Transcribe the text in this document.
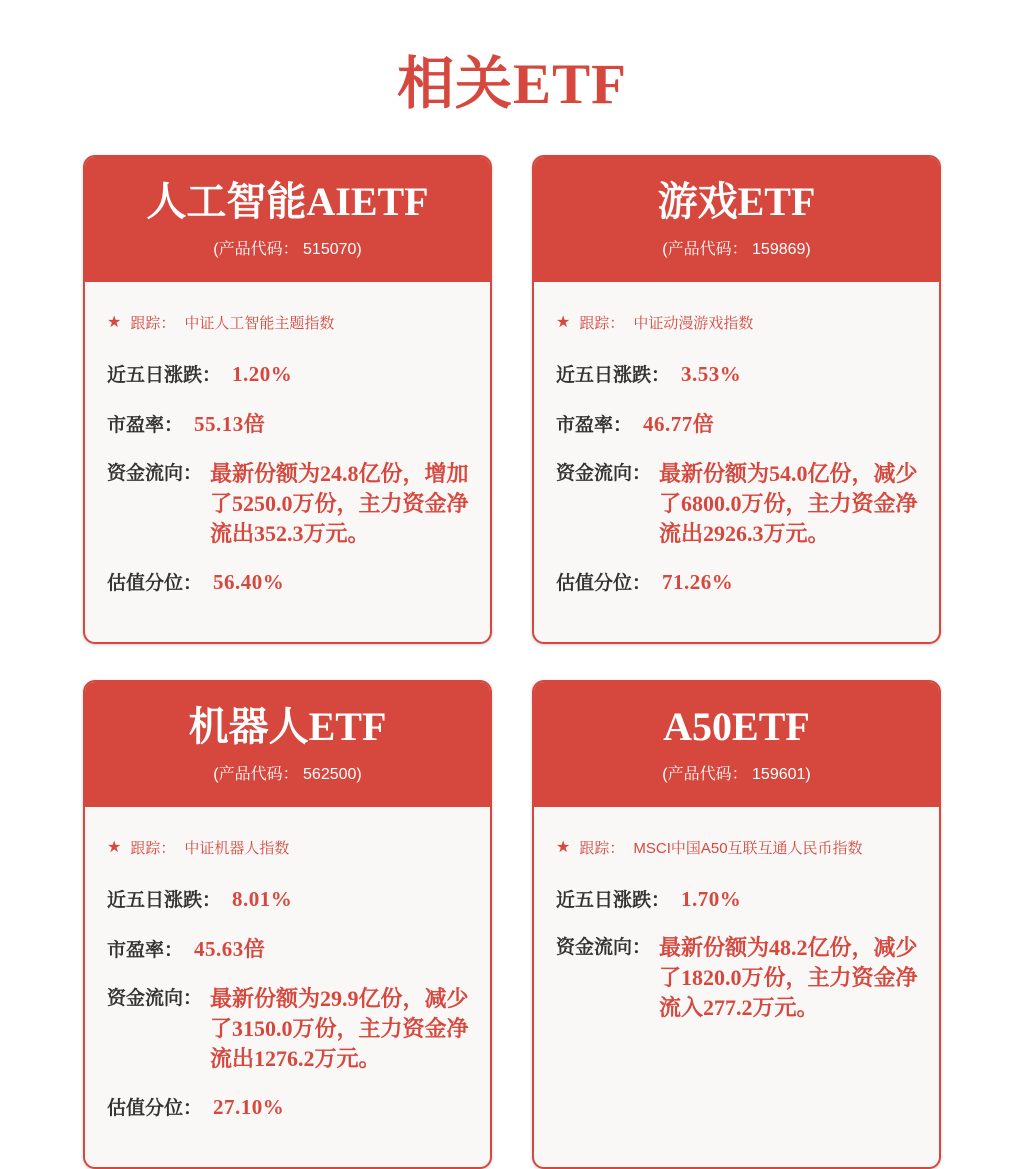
相关ETF
人工智能AIETF
(产品代码： 515070)
★ 跟踪： 中证人工智能主题指数
近五日涨跌： 1.20%
市盈率： 55.13倍
资金流向： 最新份额为24.8亿份，增加了5250.0万份，主力资金净流出352.3万元。
估值分位： 56.40%
游戏ETF
(产品代码： 159869)
★ 跟踪： 中证动漫游戏指数
近五日涨跌： 3.53%
市盈率： 46.77倍
资金流向： 最新份额为54.0亿份，减少了6800.0万份，主力资金净流出2926.3万元。
估值分位： 71.26%
机器人ETF
(产品代码： 562500)
★ 跟踪： 中证机器人指数
近五日涨跌： 8.01%
市盈率： 45.63倍
资金流向： 最新份额为29.9亿份，减少了3150.0万份，主力资金净流出1276.2万元。
估值分位： 27.10%
A50ETF
(产品代码： 159601)
★ 跟踪： MSCI中国A50互联互通人民币指数
近五日涨跌： 1.70%
资金流向： 最新份额为48.2亿份，减少了1820.0万份，主力资金净流入277.2万元。
